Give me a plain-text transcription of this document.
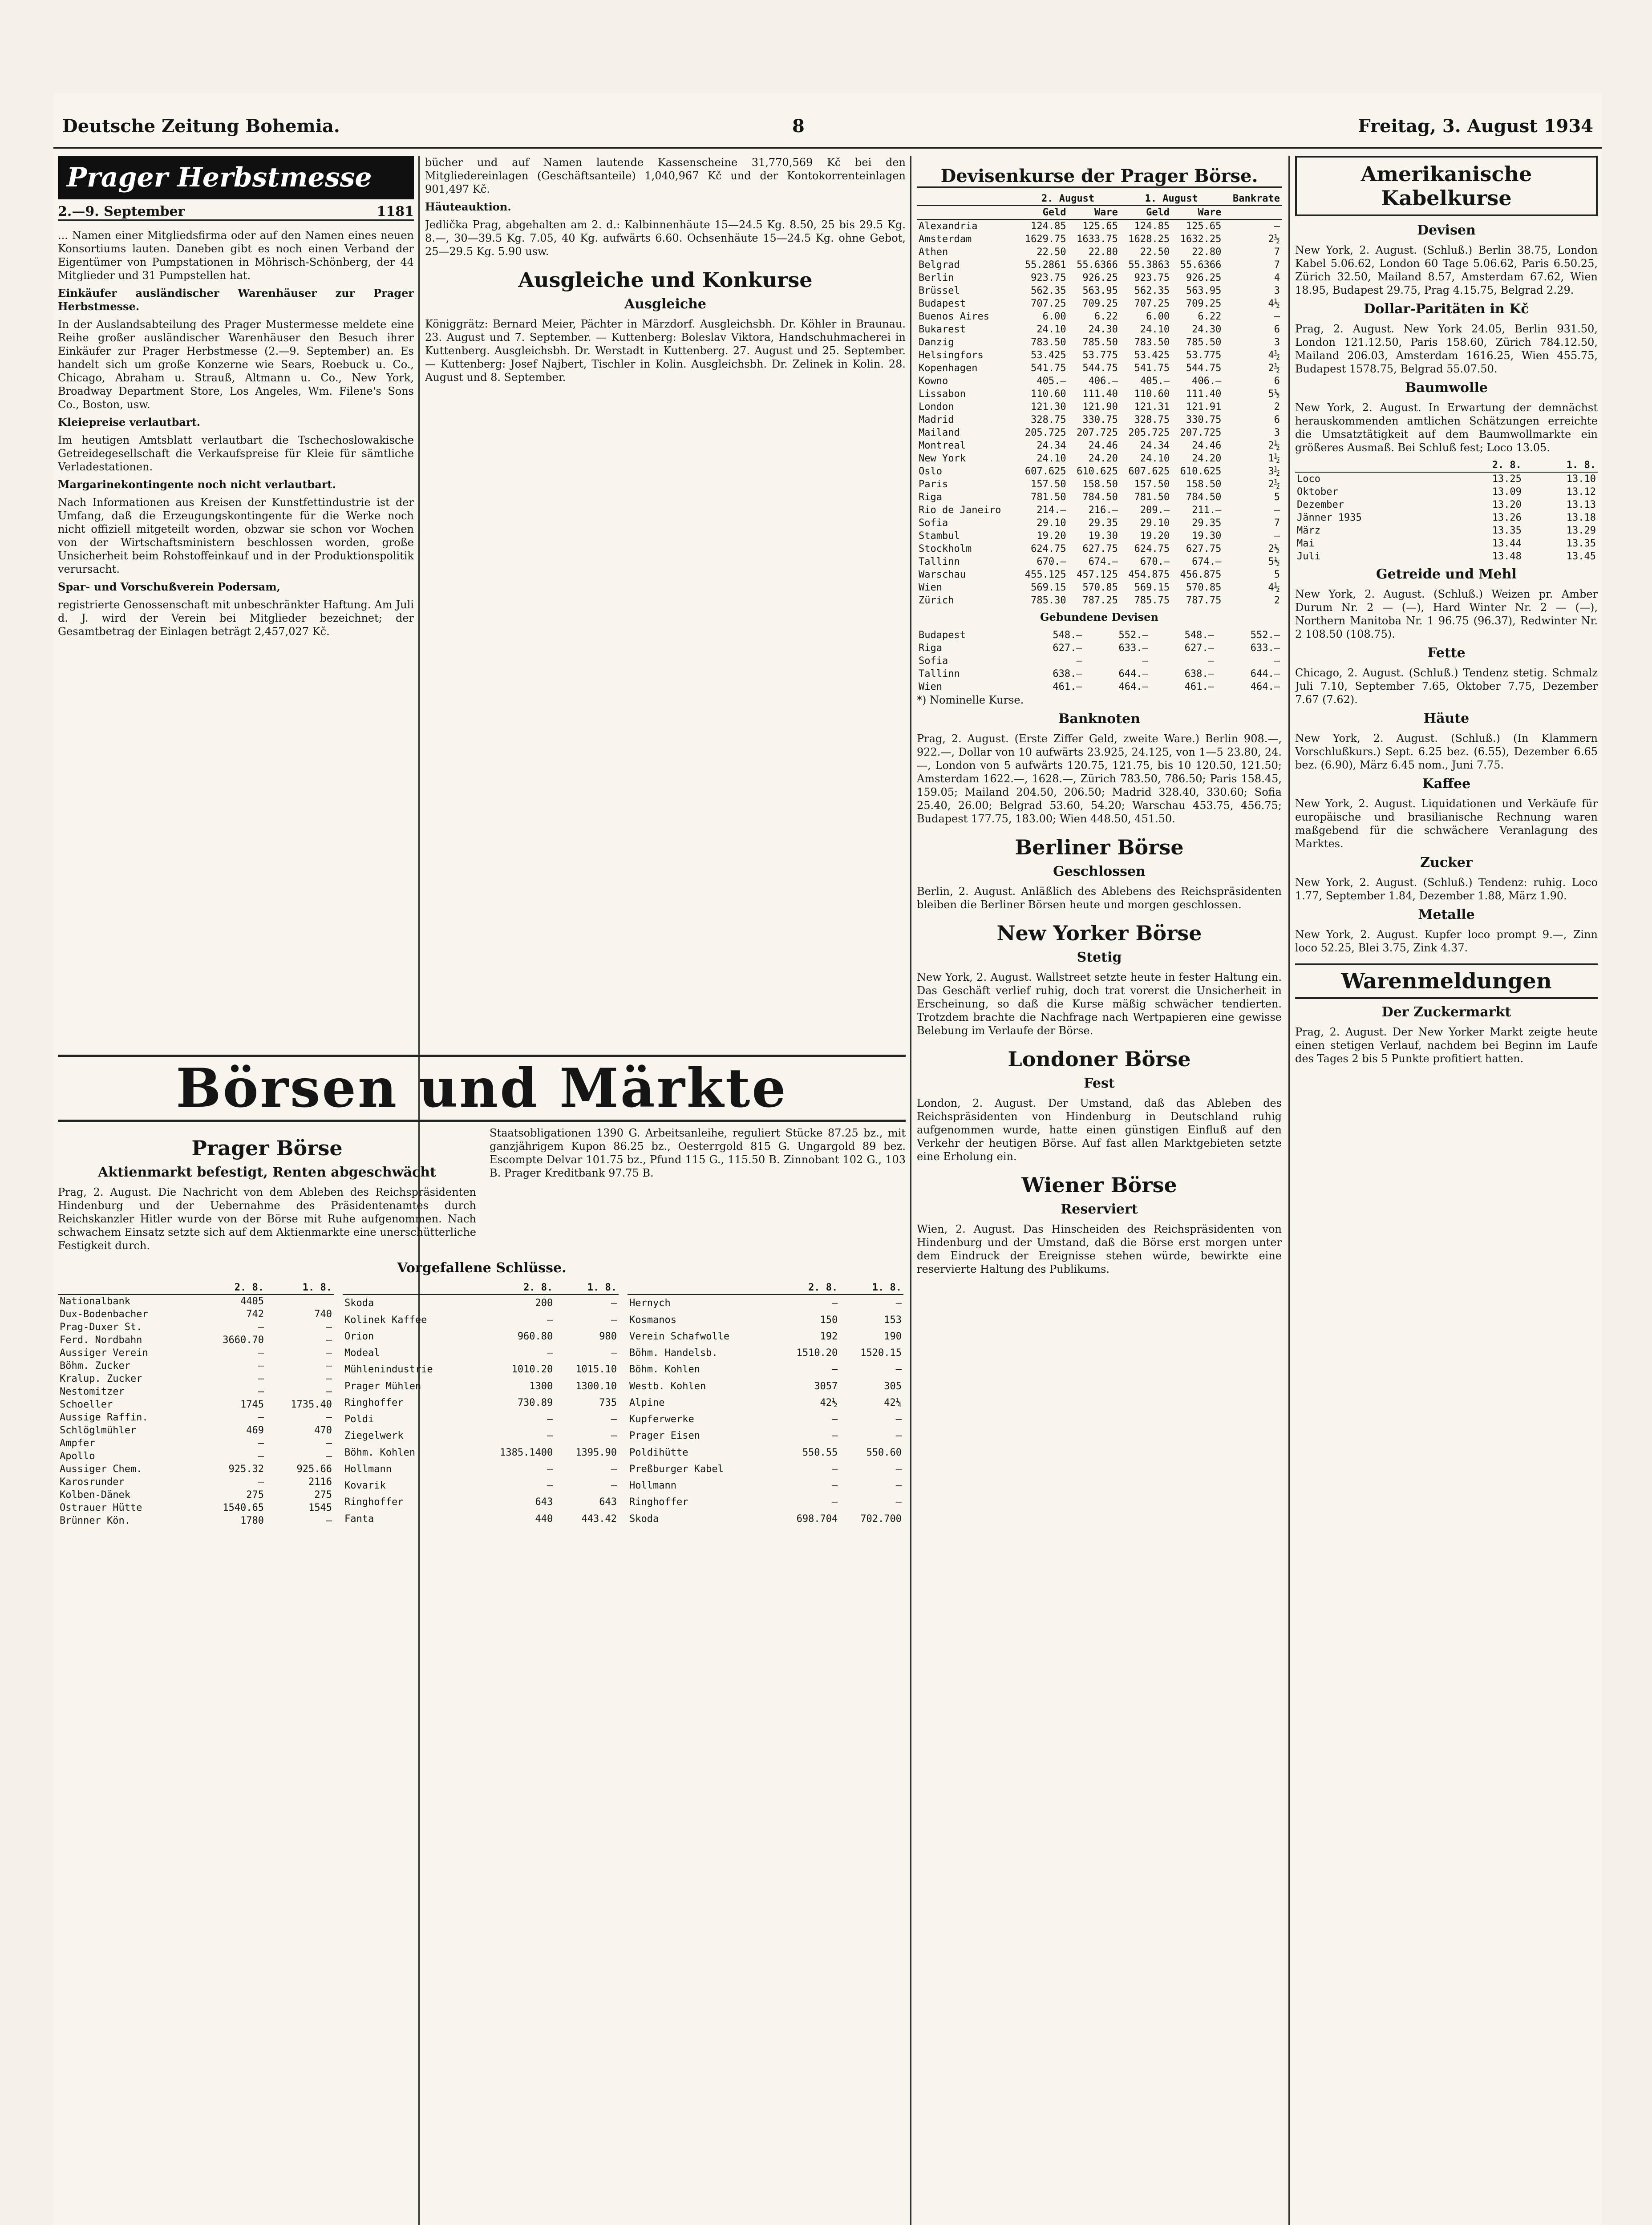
Deutsche Zeitung Bohemia.	8	Freitag, 3. August 1934
Prager Herbstmesse
2.—9. September	1181

... Namen einer Mitgliedsfirma oder auf den Namen eines neuen Konsortiums lauten. Daneben gibt es noch einen Verband der Eigentümer von Pumpstationen in Möhrisch-Schönberg, der 44 Mitglieder und 31 Pumpstellen hat.

Einkäufer ausländischer Warenhäuser zur Prager Herbstmesse.

In der Auslandsabteilung des Prager Mustermesse meldete eine Reihe großer ausländischer Warenhäuser den Besuch ihrer Einkäufer zur Prager Herbstmesse (2.—9. September) an. Es handelt sich um große Konzerne wie Sears, Roebuck u. Co., Chicago, Abraham u. Strauß, Altmann u. Co., New York, Broadway Department Store, Los Angeles, Wm. Filene's Sons Co., Boston, usw.

Kleiepreise verlautbart.

Im heutigen Amtsblatt verlautbart die Tschechoslowakische Getreidegesellschaft die Verkaufspreise für Kleie für sämtliche Verladestationen.

Margarinekontingente noch nicht verlautbart.

Nach Informationen aus Kreisen der Kunstfettindustrie ist der Umfang, daß die Erzeugungskontingente für die Werke noch nicht offiziell mitgeteilt worden, obzwar sie schon vor Wochen von der Wirtschaftsministern beschlossen worden, große Unsicherheit beim Rohstoffeinkauf und in der Produktionspolitik verursacht.

Spar- und Vorschußverein Podersam,

registrierte Genossenschaft mit unbeschränkter Haftung. Am Juli d. J. wird der Verein bei Mitglieder bezeichnet; der Gesamtbetrag der Einlagen beträgt 2,457,027 Kč.

bücher und auf Namen lautende Kassenscheine 31,770,569 Kč bei den Mitgliedereinlagen (Geschäftsanteile) 1,040,967 Kč und der Kontokorrenteinlagen 901,497 Kč.

Häuteauktion.

Jedlička Prag, abgehalten am 2. d.: Kalbinnenhäute 15—24.5 Kg. 8.50, 25 bis 29.5 Kg. 8.—, 30—39.5 Kg. 7.05, 40 Kg. aufwärts 6.60. Ochsenhäute 15—24.5 Kg. ohne Gebot, 25—29.5 Kg. 5.90 usw.

Ausgleiche und Konkurse
Ausgleiche

Königgrätz: Bernard Meier, Pächter in Märzdorf. Ausgleichsbh. Dr. Köhler in Braunau. 23. August und 7. September. — Kuttenberg: Boleslav Viktora, Handschuhmacherei in Kuttenberg. Ausgleichsbh. Dr. Werstadt in Kuttenberg. 27. August und 25. September. — Kuttenberg: Josef Najbert, Tischler in Kolin. Ausgleichsbh. Dr. Zelinek in Kolin. 28. August und 8. September.

Börsen und Märkte
Prager Börse
Aktienmarkt befestigt, Renten abgeschwächt

Prag, 2. August. Die Nachricht von dem Ableben des Reichspräsidenten Hindenburg und der Uebernahme des Präsidentenamtes durch Reichskanzler Hitler wurde von der Börse mit Ruhe aufgenommen. Nach schwachem Einsatz setzte sich auf dem Aktienmarkte eine unerschütterliche Festigkeit durch.

Staatsobligationen 1390 G. Arbeitsanleihe, reguliert Stücke 87.25 bz., mit ganzjährigem Kupon 86.25 bz., Oesterrgold 815 G. Ungargold 89 bez. Escompte Delvar 101.75 bz., Pfund 115 G., 115.50 B. Zinnobant 102 G., 103 B. Prager Kreditbank 97.75 B.

Vorgefallene Schlüsse.
	2. 8.	1. 8.
Nationalbank	4405	
Dux-Bodenbacher	742	740
Prag-Duxer St.	—	—
Ferd. Nordbahn	3660.70	—
Aussiger Verein	—	—
Böhm. Zucker	—	—
Kralup. Zucker	—	—
Nestomitzer	—	—
Schoeller	1745	1735.40
Aussige Raffin.	—	—
Schlöglmühler	469	470
Ampfer	—	—
Apollo	—	—
Aussiger Chem.	925.32	925.66
Karosrunder	—	2116
Kolben-Dänek	275	275
Ostrauer Hütte	1540.65	1545
Brünner Kön.	1780	—
	2. 8.	1. 8.
Skoda	200	—
Kolinek Kaffee	—	—
Orion	960.80	980
Modeal	—	—
Mühlenindustrie	1010.20	1015.10
Prager Mühlen	1300	1300.10
Ringhoffer	730.89	735
Poldi	—	—
Ziegelwerk	—	—
Böhm. Kohlen	1385.1400	1395.90
Hollmann	—	—
Kovarik	—	—
Ringhoffer	643	643
Fanta	440	443.42
	2. 8.	1. 8.
Hernych	—	—
Kosmanos	150	153
Verein Schafwolle	192	190
Böhm. Handelsb.	1510.20	1520.15
Böhm. Kohlen	—	—
Westb. Kohlen	3057	305
Alpine	42½	42¼
Kupferwerke	—	—
Prager Eisen	—	—
Poldihütte	550.55	550.60
Preßburger Kabel	—	—
Hollmann	—	—
Ringhoffer	—	—
Skoda	698.704	702.700
Devisenkurse der Prager Börse.
	2. August		1. August		Bankrate
	Geld	Ware	Geld	Ware	
Alexandria	124.85	125.65	124.85	125.65	—
Amsterdam	1629.75	1633.75	1628.25	1632.25	2½
Athen	22.50	22.80	22.50	22.80	7
Belgrad	55.2861	55.6366	55.3863	55.6366	7
Berlin	923.75	926.25	923.75	926.25	4
Brüssel	562.35	563.95	562.35	563.95	3
Budapest	707.25	709.25	707.25	709.25	4½
Buenos Aires	6.00	6.22	6.00	6.22	—
Bukarest	24.10	24.30	24.10	24.30	6
Danzig	783.50	785.50	783.50	785.50	3
Helsingfors	53.425	53.775	53.425	53.775	4½
Kopenhagen	541.75	544.75	541.75	544.75	2½
Kowno	405.—	406.—	405.—	406.—	6
Lissabon	110.60	111.40	110.60	111.40	5½
London	121.30	121.90	121.31	121.91	2
Madrid	328.75	330.75	328.75	330.75	6
Mailand	205.725	207.725	205.725	207.725	3
Montreal	24.34	24.46	24.34	24.46	2½
New York	24.10	24.20	24.10	24.20	1½
Oslo	607.625	610.625	607.625	610.625	3½
Paris	157.50	158.50	157.50	158.50	2½
Riga	781.50	784.50	781.50	784.50	5
Rio de Janeiro	214.—	216.—	209.—	211.—	—
Sofia	29.10	29.35	29.10	29.35	7
Stambul	19.20	19.30	19.20	19.30	—
Stockholm	624.75	627.75	624.75	627.75	2½
Tallinn	670.—	674.—	670.—	674.—	5½
Warschau	455.125	457.125	454.875	456.875	5
Wien	569.15	570.85	569.15	570.85	4½
Zürich	785.30	787.25	785.75	787.75	2
Gebundene Devisen
Budapest	548.—	552.—	548.—	552.—
Riga	627.—	633.—	627.—	633.—
Sofia	—	—	—	—
Tallinn	638.—	644.—	638.—	644.—
Wien	461.—	464.—	461.—	464.—

*) Nominelle Kurse.

Banknoten

Prag, 2. August. (Erste Ziffer Geld, zweite Ware.) Berlin 908.—, 922.—, Dollar von 10 aufwärts 23.925, 24.125, von 1—5 23.80, 24.—, London von 5 aufwärts 120.75, 121.75, bis 10 120.50, 121.50; Amsterdam 1622.—, 1628.—, Zürich 783.50, 786.50; Paris 158.45, 159.05; Mailand 204.50, 206.50; Madrid 328.40, 330.60; Sofia 25.40, 26.00; Belgrad 53.60, 54.20; Warschau 453.75, 456.75; Budapest 177.75, 183.00; Wien 448.50, 451.50.

Berliner Börse
Geschlossen

Berlin, 2. August. Anläßlich des Ablebens des Reichspräsidenten bleiben die Berliner Börsen heute und morgen geschlossen.

New Yorker Börse
Stetig

New York, 2. August. Wallstreet setzte heute in fester Haltung ein. Das Geschäft verlief ruhig, doch trat vorerst die Unsicherheit in Erscheinung, so daß die Kurse mäßig schwächer tendierten. Trotzdem brachte die Nachfrage nach Wertpapieren eine gewisse Belebung im Verlaufe der Börse.

Londoner Börse
Fest

London, 2. August. Der Umstand, daß das Ableben des Reichspräsidenten von Hindenburg in Deutschland ruhig aufgenommen wurde, hatte einen günstigen Einfluß auf den Verkehr der heutigen Börse. Auf fast allen Marktgebieten setzte eine Erholung ein.

Wiener Börse
Reserviert

Wien, 2. August. Das Hinscheiden des Reichspräsidenten von Hindenburg und der Umstand, daß die Börse erst morgen unter dem Eindruck der Ereignisse stehen würde, bewirkte eine reservierte Haltung des Publikums.

Amerikanische Kabelkurse
Devisen

New York, 2. August. (Schluß.) Berlin 38.75, London Kabel 5.06.62, London 60 Tage 5.06.62, Paris 6.50.25, Zürich 32.50, Mailand 8.57, Amsterdam 67.62, Wien 18.95, Budapest 29.75, Prag 4.15.75, Belgrad 2.29.

Dollar-Paritäten in Kč

Prag, 2. August. New York 24.05, Berlin 931.50, London 121.12.50, Paris 158.60, Zürich 784.12.50, Mailand 206.03, Amsterdam 1616.25, Wien 455.75, Budapest 1578.75, Belgrad 55.07.50.

Baumwolle

New York, 2. August. In Erwartung der demnächst herauskommenden amtlichen Schätzungen erreichte die Umsatztätigkeit auf dem Baumwollmarkte ein größeres Ausmaß. Bei Schluß fest; Loco 13.05.

	2. 8.	1. 8.
Loco	13.25	13.10
Oktober	13.09	13.12
Dezember	13.20	13.13
Jänner 1935	13.26	13.18
März	13.35	13.29
Mai	13.44	13.35
Juli	13.48	13.45
Getreide und Mehl

New York, 2. August. (Schluß.) Weizen pr. Amber Durum Nr. 2 — (—), Hard Winter Nr. 2 — (—), Northern Manitoba Nr. 1 96.75 (96.37), Redwinter Nr. 2 108.50 (108.75).

Fette

Chicago, 2. August. (Schluß.) Tendenz stetig. Schmalz Juli 7.10, September 7.65, Oktober 7.75, Dezember 7.67 (7.62).

Häute

New York, 2. August. (Schluß.) (In Klammern Vorschlußkurs.) Sept. 6.25 bez. (6.55), Dezember 6.65 bez. (6.90), März 6.45 nom., Juni 7.75.

Kaffee

New York, 2. August. Liquidationen und Verkäufe für europäische und brasilianische Rechnung waren maßgebend für die schwächere Veranlagung des Marktes.

Zucker

New York, 2. August. (Schluß.) Tendenz: ruhig. Loco 1.77, September 1.84, Dezember 1.88, März 1.90.

Metalle

New York, 2. August. Kupfer loco prompt 9.—, Zinn loco 52.25, Blei 3.75, Zink 4.37.

Warenmeldungen
Der Zuckermarkt

Prag, 2. August. Der New Yorker Markt zeigte heute einen stetigen Verlauf, nachdem bei Beginn im Laufe des Tages 2 bis 5 Punkte profitiert hatten.
